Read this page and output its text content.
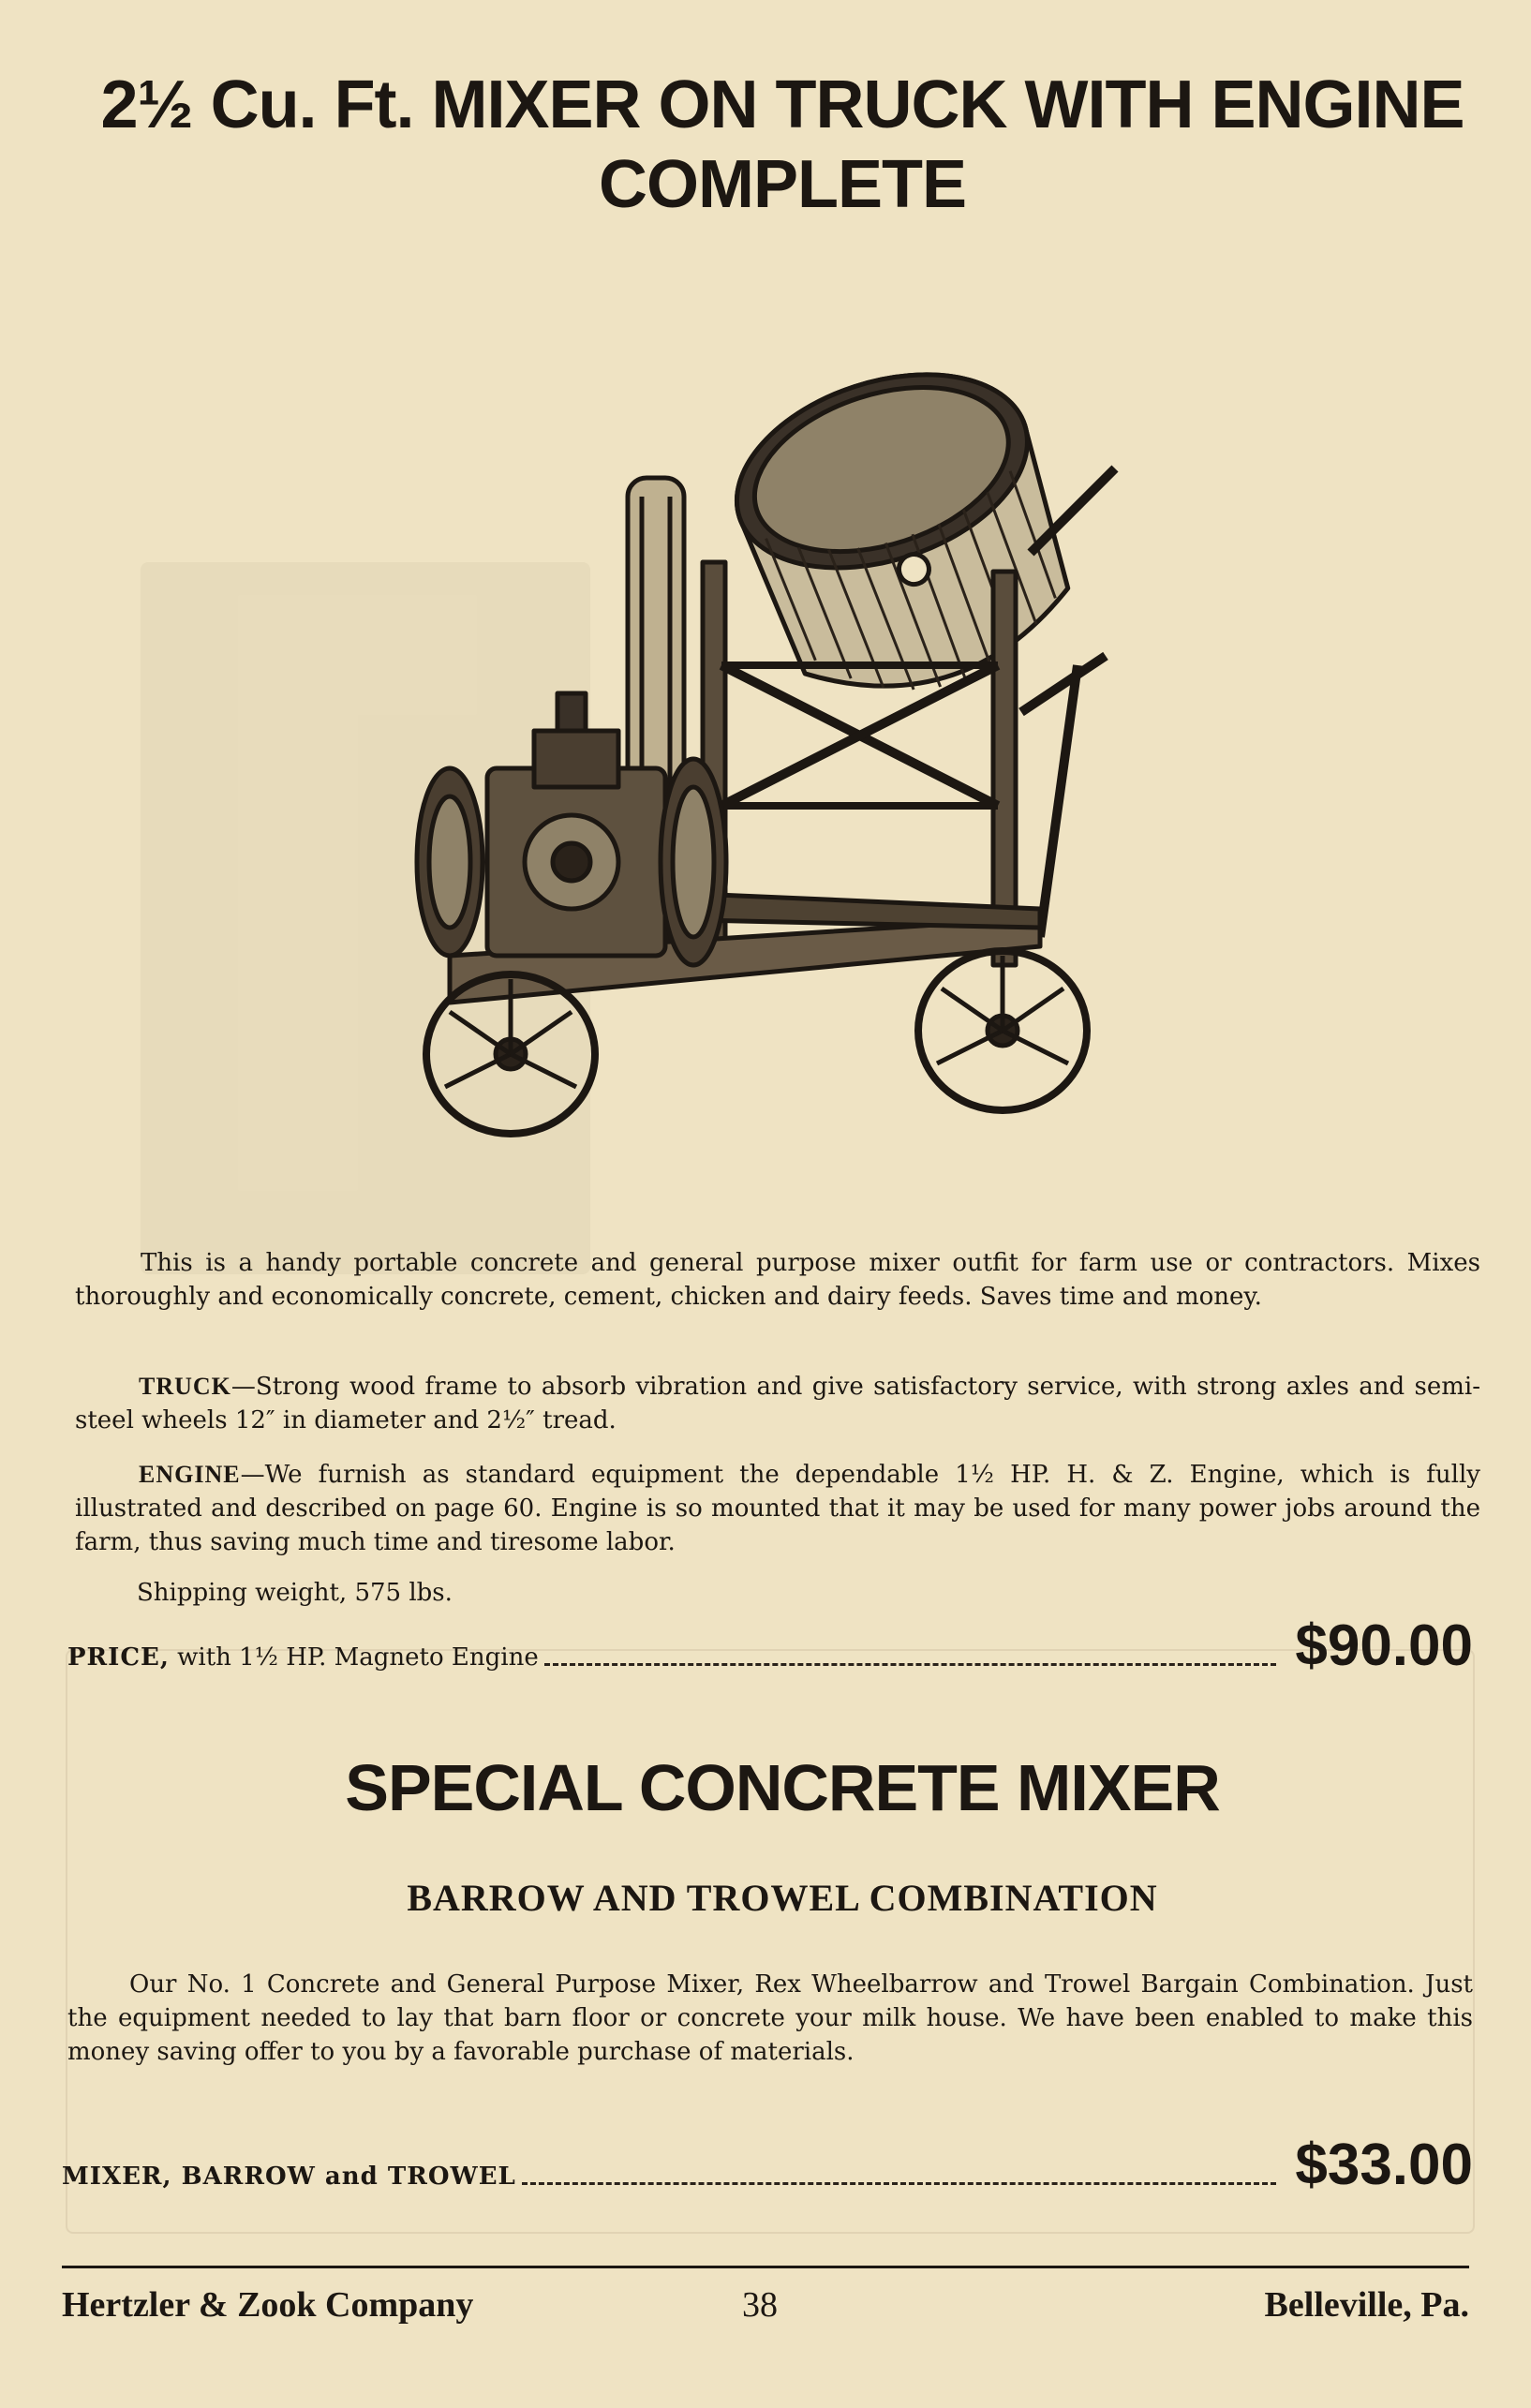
2½ Cu. Ft. MIXER ON TRUCK WITH ENGINE
COMPLETE
This is a handy portable concrete and general purpose mixer outfit for farm use or contractors. Mixes thoroughly and economically concrete, cement, chicken and dairy feeds. Saves time and money.
TRUCK—Strong wood frame to absorb vibration and give satisfactory service, with strong axles and semi-steel wheels 12″ in diameter and 2½″ tread.
ENGINE—We furnish as standard equipment the dependable 1½ HP. H. & Z. Engine, which is fully illustrated and described on page 60. Engine is so mounted that it may be used for many power jobs around the farm, thus saving much time and tiresome labor.
Shipping weight, 575 lbs.
PRICE, with 1½ HP. Magneto Engine	$90.00
SPECIAL CONCRETE MIXER
BARROW AND TROWEL COMBINATION
Our No. 1 Concrete and General Purpose Mixer, Rex Wheelbarrow and Trowel Bargain Combination. Just the equipment needed to lay that barn floor or concrete your milk house. We have been enabled to make this money saving offer to you by a favorable purchase of materials.
MIXER, BARROW and TROWEL	$33.00
Hertzler & Zook Company	38	Belleville, Pa.
